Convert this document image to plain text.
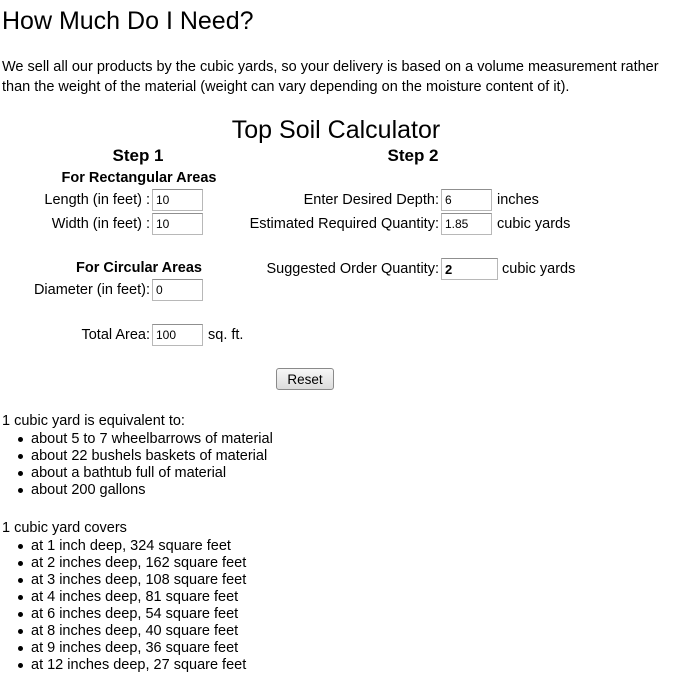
How Much Do I Need?

We sell all our products by the cubic yards, so your delivery is based on a volume measurement rather than the weight of the material (weight can vary depending on the moisture content of it).

Top Soil Calculator
Step 1
For Rectangular Areas
Length (in feet) :
10
Width (in feet) :
10
For Circular Areas
Diameter (in feet):
0
Total Area:
100	sq. ft.
Step 2
Enter Desired Depth:
6	inches
Estimated Required Quantity:
1.85	cubic yards
Suggested Order Quantity:
2	cubic yards
Reset

1 cubic yard is equivalent to:

about 5 to 7 wheelbarrows of material
about 22 bushels baskets of material
about a bathtub full of material
about 200 gallons

1 cubic yard covers

at 1 inch deep, 324 square feet
at 2 inches deep, 162 square feet
at 3 inches deep, 108 square feet
at 4 inches deep, 81 square feet
at 6 inches deep, 54 square feet
at 8 inches deep, 40 square feet
at 9 inches deep, 36 square feet
at 12 inches deep, 27 square feet
